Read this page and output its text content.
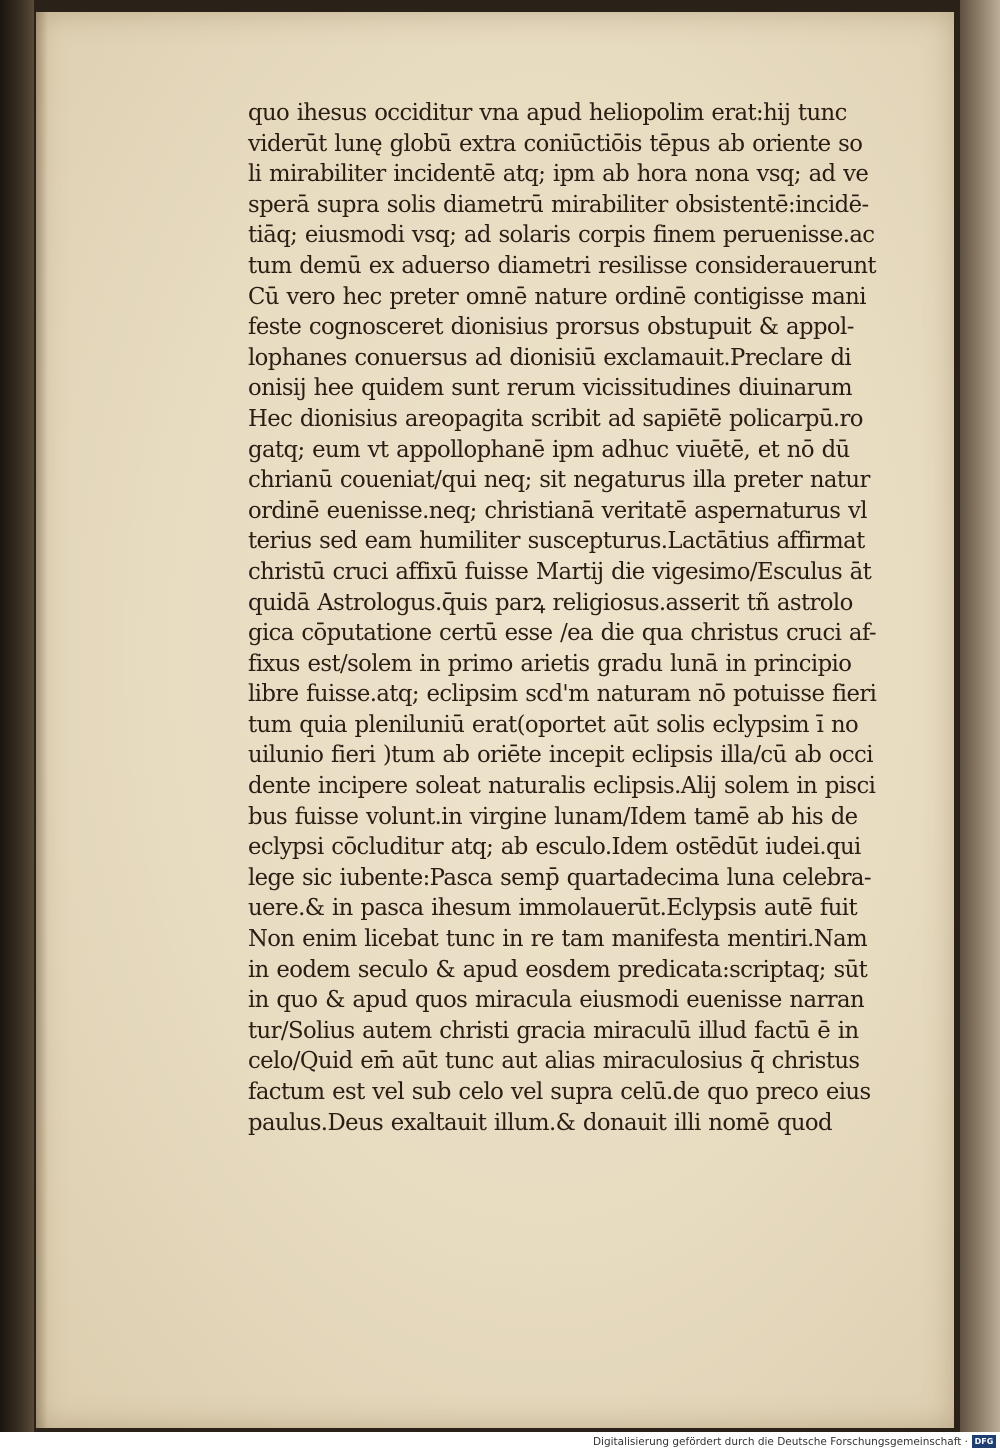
quo ihesus occiditur vna apud heliopolim erat:hij tunc
viderūt lunę globū extra coniūctiōis tēpus ab oriente so
li mirabiliter incidentē atq; ipm ab hora nona vsq; ad ve
sperā supra solis diametrū mirabiliter obsistentē:incidē-
tiāq; eiusmodi vsq; ad solaris corpis finem peruenisse.ac
tum demū ex aduerso diametri resilisse considerauerunt
Cū vero hec preter omnē nature ordinē contigisse mani
feste cognosceret dionisius prorsus obstupuit & appol-
lophanes conuersus ad dionisiū exclamauit.Preclare di
onisij hee quidem sunt rerum vicissitudines diuinarum
Hec dionisius areopagita scribit ad sapiētē policarpū.ro
gatq; eum vt appollophanē ipm adhuc viuētē, et nō dū
chrianū coueniat/qui neq; sit negaturus illa preter natur
ordinē euenisse.neq; christianā veritatē aspernaturus vl
terius sed eam humiliter suscepturus.Lactātius affirmat
christū cruci affixū fuisse Martij die vigesimo/Esculus āt
quidā Astrologus.q̄uis parꝝ religiosus.asserit tñ astrolo
gica cōputatione certū esse /ea die qua christus cruci af-
fixus est/solem in primo arietis gradu lunā in principio
libre fuisse.atq; eclipsim scd'm naturam nō potuisse fieri
tum quia pleniluniū erat(oportet aūt solis eclypsim ī no
uilunio fieri )tum ab oriēte incepit eclipsis illa/cū ab occi
dente incipere soleat naturalis eclipsis.Alij solem in pisci
bus fuisse volunt.in virgine lunam/Idem tamē ab his de
eclypsi cōcluditur atq; ab esculo.Idem ostēdūt iudei.qui
lege sic iubente:Pasca semp̄ quartadecima luna celebra-
uere.& in pasca ihesum immolauerūt.Eclypsis autē fuit
Non enim licebat tunc in re tam manifesta mentiri.Nam
in eodem seculo & apud eosdem predicata:scriptaq; sūt
in quo & apud quos miracula eiusmodi euenisse narran
tur/Solius autem christi gracia miraculū illud factū ē in
celo/Quid em̄ aūt tunc aut alias miraculosius q̄ christus
factum est vel sub celo vel supra celū.de quo preco eius
paulus.Deus exaltauit illum.& donauit illi nomē quod
Digitalisierung gefördert durch die Deutsche Forschungsgemeinschaft · DFG
